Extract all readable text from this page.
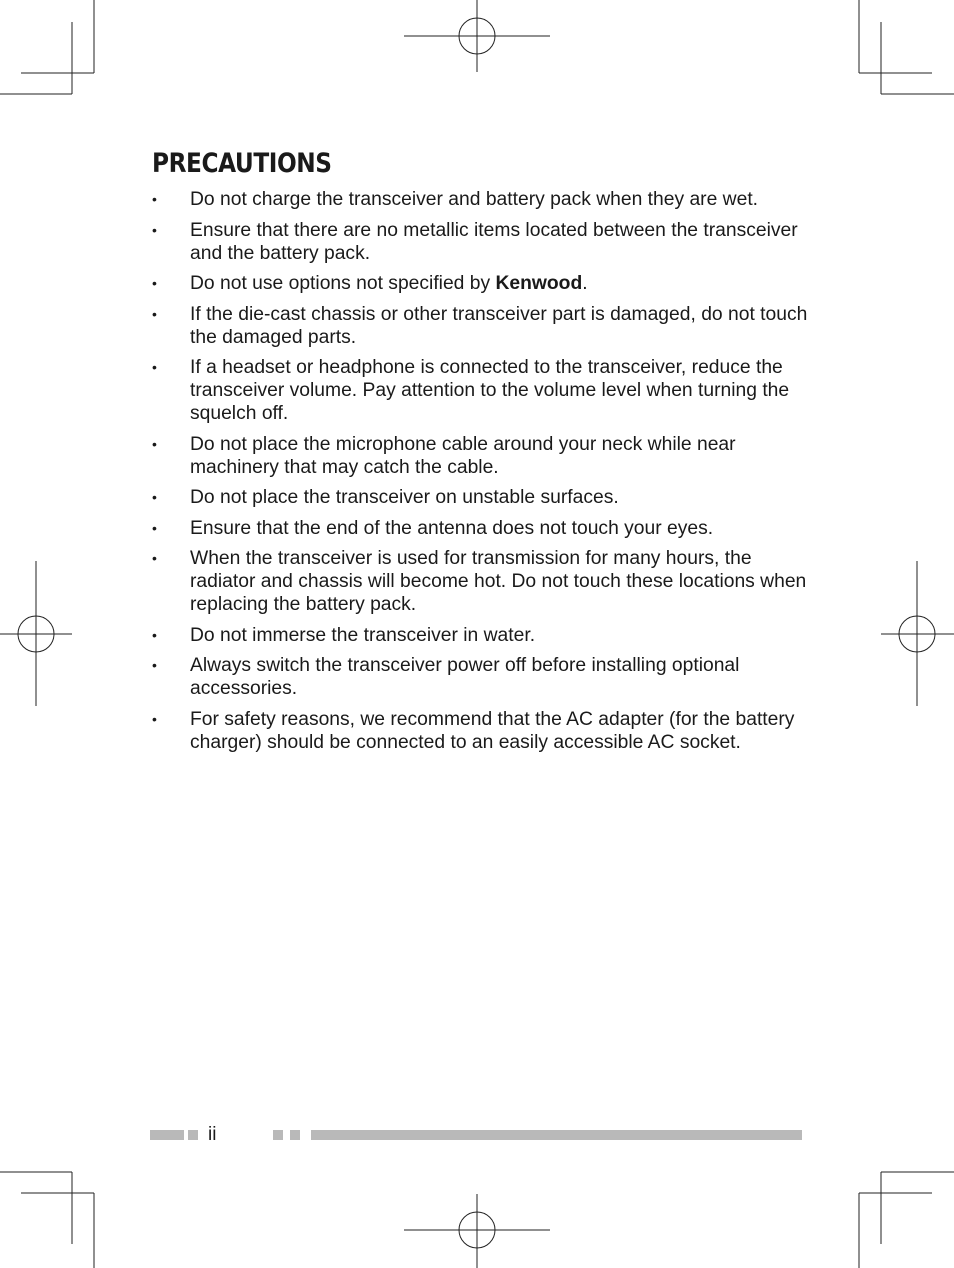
PRECAUTIONS
• Do not charge the transceiver and battery pack when they are wet.
• Ensure that there are no metallic items located between the transceiver and the battery pack.
• Do not use options not specified by Kenwood.
• If the die-cast chassis or other transceiver part is damaged, do not touch the damaged parts.
• If a headset or headphone is connected to the transceiver, reduce the transceiver volume. Pay attention to the volume level when turning the squelch off.
• Do not place the microphone cable around your neck while near machinery that may catch the cable.
• Do not place the transceiver on unstable surfaces.
• Ensure that the end of the antenna does not touch your eyes.
• When the transceiver is used for transmission for many hours, the radiator and chassis will become hot. Do not touch these locations when replacing the battery pack.
• Do not immerse the transceiver in water.
• Always switch the transceiver power off before installing optional accessories.
• For safety reasons, we recommend that the AC adapter (for the battery charger) should be connected to an easily accessible AC socket.
ii
